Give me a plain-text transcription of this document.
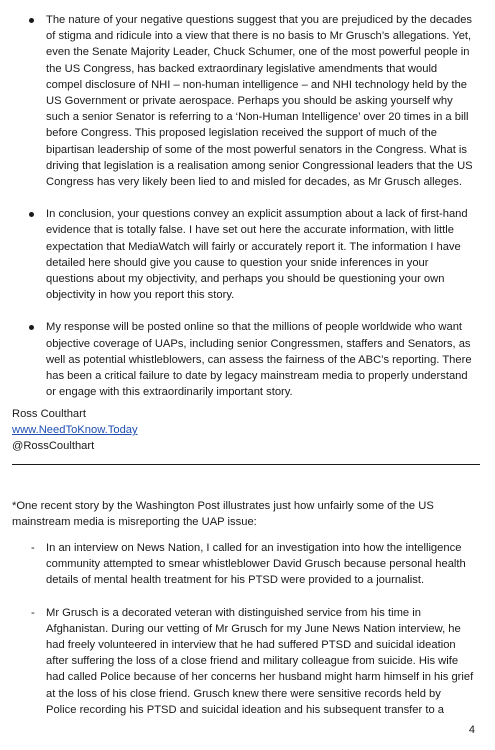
The nature of your negative questions suggest that you are prejudiced by the decades of stigma and ridicule into a view that there is no basis to Mr Grusch’s allegations. Yet, even the Senate Majority Leader, Chuck Schumer, one of the most powerful people in the US Congress, has backed extraordinary legislative amendments that would compel disclosure of NHI – non-human intelligence – and NHI technology held by the US Government or private aerospace. Perhaps you should be asking yourself why such a senior Senator is referring to a ‘Non-Human Intelligence’ over 20 times in a bill before Congress. This proposed legislation received the support of much of the bipartisan leadership of some of the most powerful senators in the Congress. What is driving that legislation is a realisation among senior Congressional leaders that the US Congress has very likely been lied to and misled for decades, as Mr Grusch alleges.
In conclusion, your questions convey an explicit assumption about a lack of first-hand evidence that is totally false. I have set out here the accurate information, with little expectation that MediaWatch will fairly or accurately report it. The information I have detailed here should give you cause to question your snide inferences in your questions about my objectivity, and perhaps you should be questioning your own objectivity in how you report this story.
My response will be posted online so that the millions of people worldwide who want objective coverage of UAPs, including senior Congressmen, staffers and Senators, as well as potential whistleblowers, can assess the fairness of the ABC’s reporting. There has been a critical failure to date by legacy mainstream media to properly understand or engage with this extraordinarily important story.
Ross Coulthart
www.NeedToKnow.Today
@RossCoulthart
*One recent story by the Washington Post illustrates just how unfairly some of the US mainstream media is misreporting the UAP issue:
- In an interview on News Nation, I called for an investigation into how the intelligence community attempted to smear whistleblower David Grusch because personal health details of mental health treatment for his PTSD were provided to a journalist.
- Mr Grusch is a decorated veteran with distinguished service from his time in Afghanistan. During our vetting of Mr Grusch for my June News Nation interview, he had freely volunteered in interview that he had suffered PTSD and suicidal ideation after suffering the loss of a close friend and military colleague from suicide. His wife had called Police because of her concerns her husband might harm himself in his grief at the loss of his close friend. Grusch knew there were sensitive records held by Police recording his PTSD and suicidal ideation and his subsequent transfer to a
4
